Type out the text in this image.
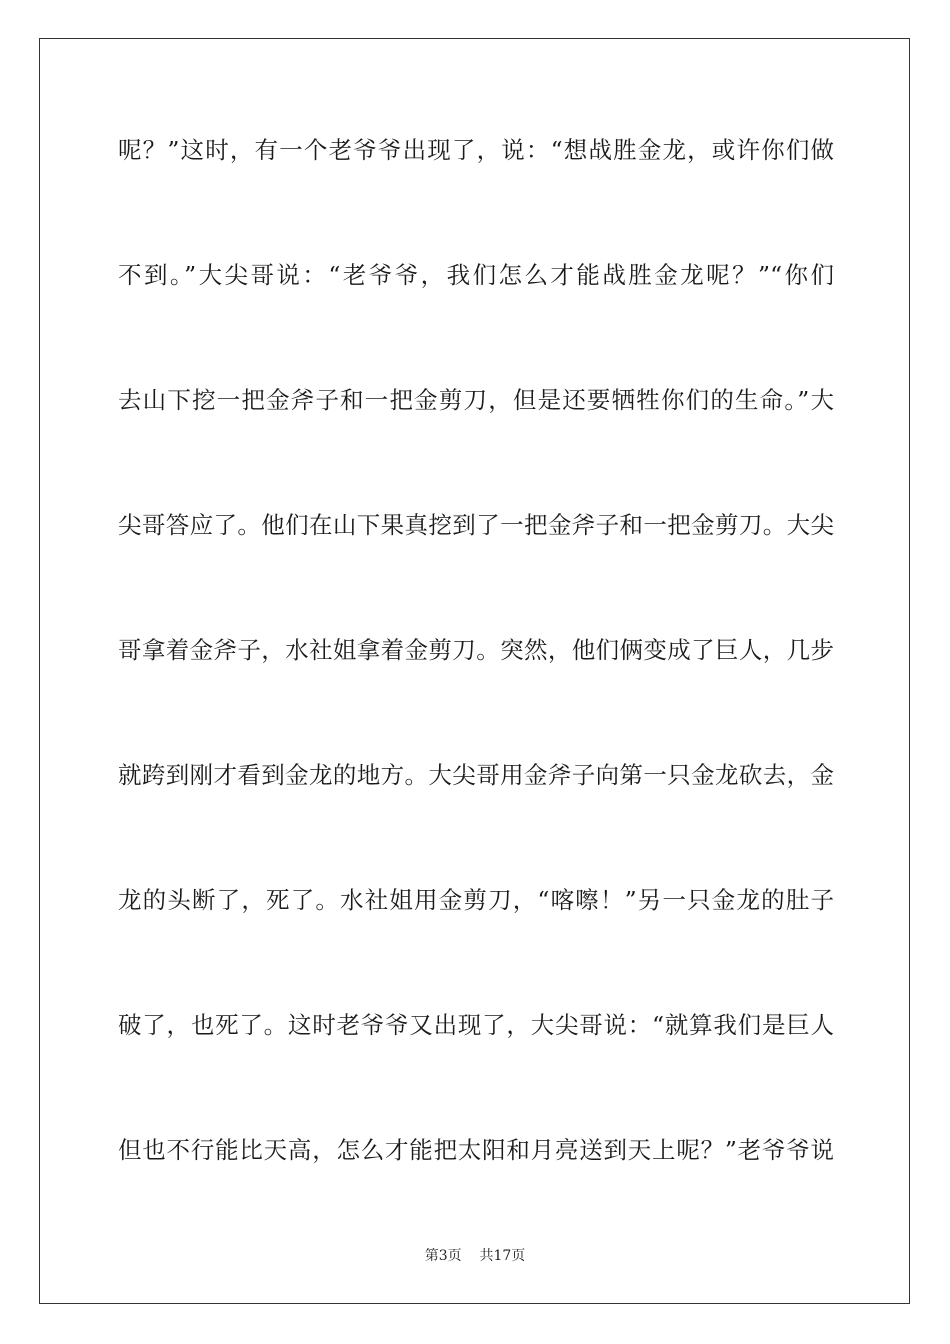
呢？”这时，有一个老爷爷出现了，说：“想战胜金龙，或许你们做
不到。”大尖哥说：“老爷爷，我们怎么才能战胜金龙呢？”“你们
去山下挖一把金斧子和一把金剪刀，但是还要牺牲你们的生命。”大
尖哥答应了。他们在山下果真挖到了一把金斧子和一把金剪刀。大尖
哥拿着金斧子，水社姐拿着金剪刀。突然，他们俩变成了巨人，几步
就跨到刚才看到金龙的地方。大尖哥用金斧子向第一只金龙砍去，金
龙的头断了，死了。水社姐用金剪刀，“喀嚓！”另一只金龙的肚子
破了，也死了。这时老爷爷又出现了，大尖哥说：“就算我们是巨人
但也不行能比天高，怎么才能把太阳和月亮送到天上呢？”老爷爷说
第3页 共17页
